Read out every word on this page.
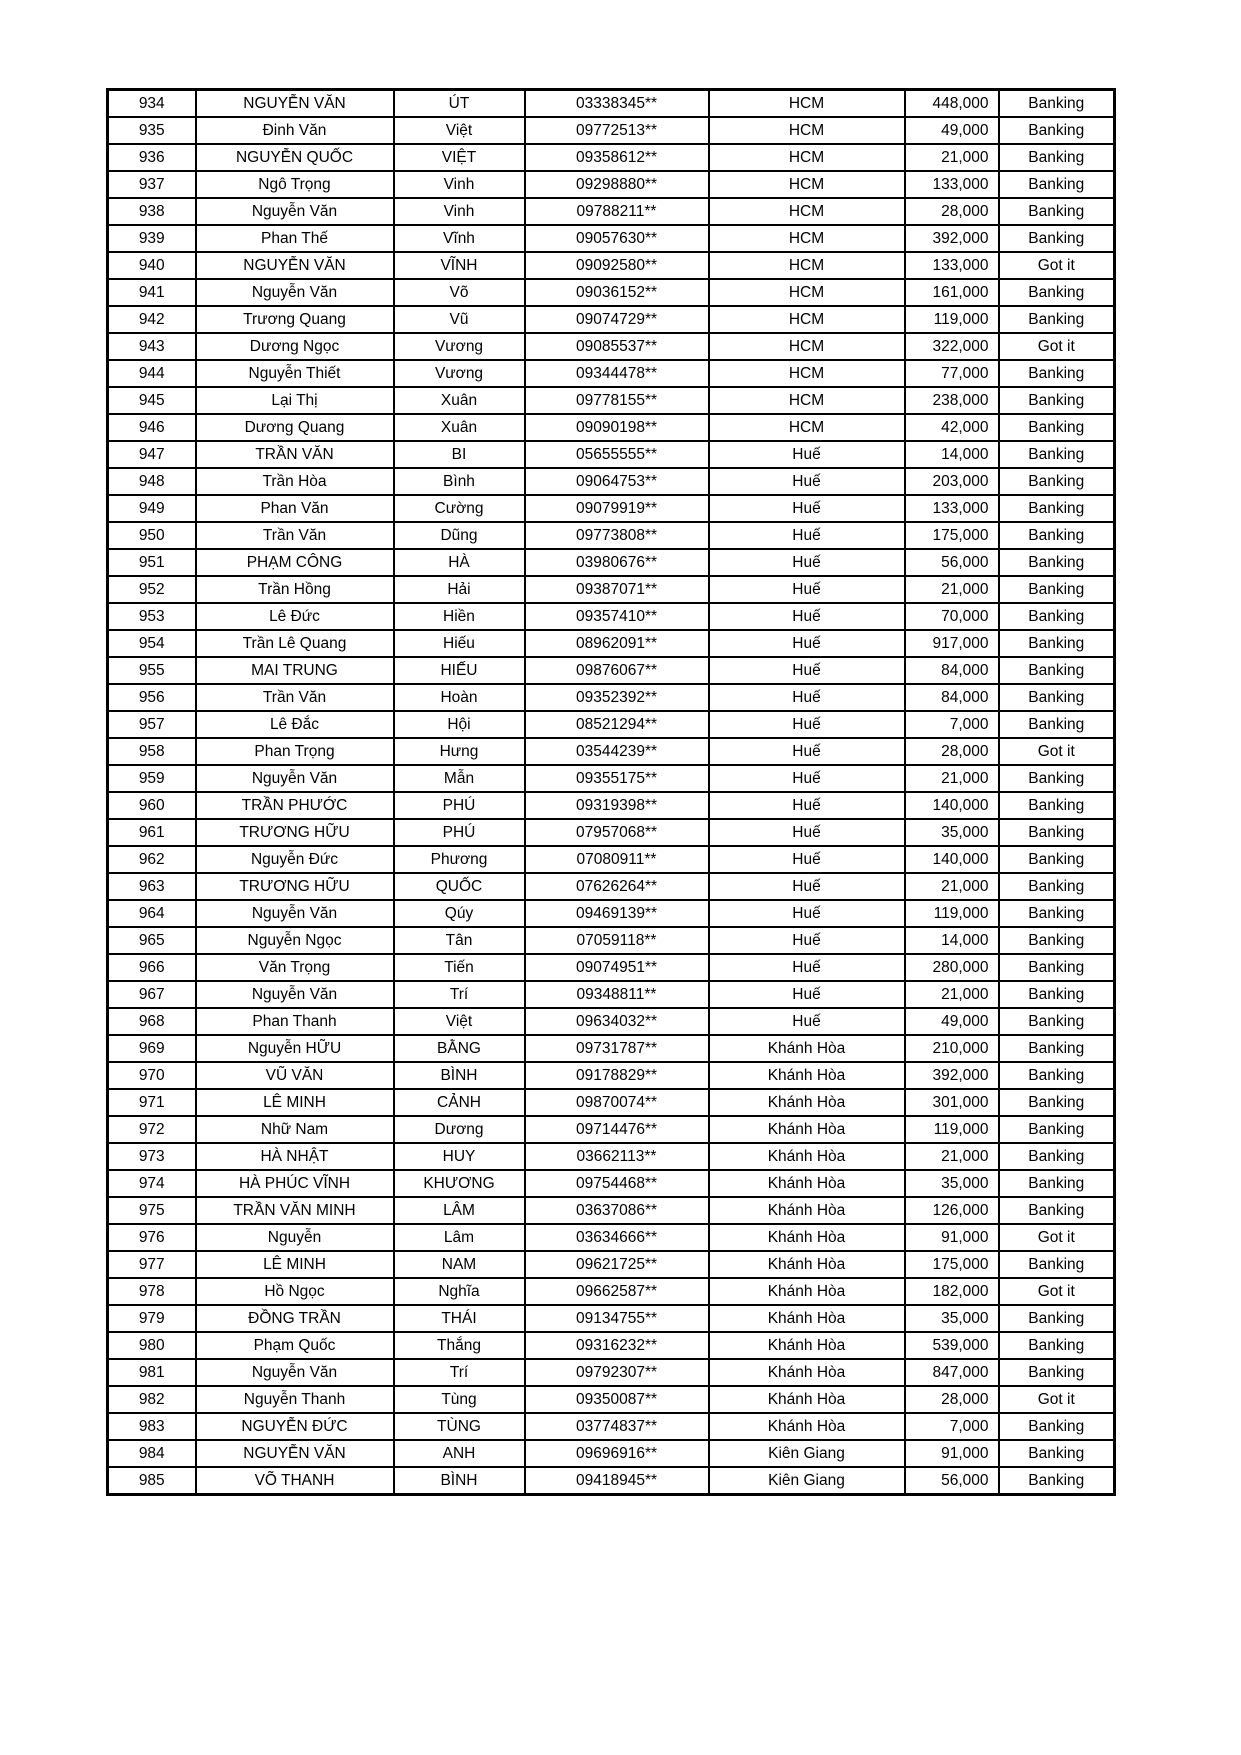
934	NGUYỄN VĂN	ÚT	03338345**	HCM	448,000	Banking
935	Đinh Văn	Việt	09772513**	HCM	49,000	Banking
936	NGUYỄN QUỐC	VIỆT	09358612**	HCM	21,000	Banking
937	Ngô Trọng	Vinh	09298880**	HCM	133,000	Banking
938	Nguyễn Văn	Vinh	09788211**	HCM	28,000	Banking
939	Phan Thế	Vĩnh	09057630**	HCM	392,000	Banking
940	NGUYỄN VĂN	VĨNH	09092580**	HCM	133,000	Got it
941	Nguyễn Văn	Võ	09036152**	HCM	161,000	Banking
942	Trương Quang	Vũ	09074729**	HCM	119,000	Banking
943	Dương Ngọc	Vương	09085537**	HCM	322,000	Got it
944	Nguyễn Thiết	Vương	09344478**	HCM	77,000	Banking
945	Lại Thị	Xuân	09778155**	HCM	238,000	Banking
946	Dương Quang	Xuân	09090198**	HCM	42,000	Banking
947	TRẦN VĂN	BI	05655555**	Huế	14,000	Banking
948	Trần Hòa	Bình	09064753**	Huế	203,000	Banking
949	Phan Văn	Cường	09079919**	Huế	133,000	Banking
950	Trần Văn	Dũng	09773808**	Huế	175,000	Banking
951	PHẠM CÔNG	HÀ	03980676**	Huế	56,000	Banking
952	Trần Hồng	Hải	09387071**	Huế	21,000	Banking
953	Lê Đức	Hiền	09357410**	Huế	70,000	Banking
954	Trần Lê Quang	Hiếu	08962091**	Huế	917,000	Banking
955	MAI TRUNG	HIẾU	09876067**	Huế	84,000	Banking
956	Trần Văn	Hoàn	09352392**	Huế	84,000	Banking
957	Lê Đắc	Hội	08521294**	Huế	7,000	Banking
958	Phan Trọng	Hưng	03544239**	Huế	28,000	Got it
959	Nguyễn Văn	Mẫn	09355175**	Huế	21,000	Banking
960	TRẦN PHƯỚC	PHÚ	09319398**	Huế	140,000	Banking
961	TRƯƠNG HỮU	PHÚ	07957068**	Huế	35,000	Banking
962	Nguyễn Đức	Phương	07080911**	Huế	140,000	Banking
963	TRƯƠNG HỮU	QUỐC	07626264**	Huế	21,000	Banking
964	Nguyễn Văn	Qúy	09469139**	Huế	119,000	Banking
965	Nguyễn Ngọc	Tân	07059118**	Huế	14,000	Banking
966	Văn Trọng	Tiến	09074951**	Huế	280,000	Banking
967	Nguyễn Văn	Trí	09348811**	Huế	21,000	Banking
968	Phan Thanh	Việt	09634032**	Huế	49,000	Banking
969	Nguyễn HỮU	BẰNG	09731787**	Khánh Hòa	210,000	Banking
970	VŨ VĂN	BÌNH	09178829**	Khánh Hòa	392,000	Banking
971	LÊ MINH	CẢNH	09870074**	Khánh Hòa	301,000	Banking
972	Nhữ Nam	Dương	09714476**	Khánh Hòa	119,000	Banking
973	HÀ NHẬT	HUY	03662113**	Khánh Hòa	21,000	Banking
974	HÀ PHÚC VĨNH	KHƯƠNG	09754468**	Khánh Hòa	35,000	Banking
975	TRẦN VĂN MINH	LÂM	03637086**	Khánh Hòa	126,000	Banking
976	Nguyễn	Lâm	03634666**	Khánh Hòa	91,000	Got it
977	LÊ MINH	NAM	09621725**	Khánh Hòa	175,000	Banking
978	Hồ Ngọc	Nghĩa	09662587**	Khánh Hòa	182,000	Got it
979	ĐỒNG TRẦN	THÁI	09134755**	Khánh Hòa	35,000	Banking
980	Phạm Quốc	Thắng	09316232**	Khánh Hòa	539,000	Banking
981	Nguyễn Văn	Trí	09792307**	Khánh Hòa	847,000	Banking
982	Nguyễn Thanh	Tùng	09350087**	Khánh Hòa	28,000	Got it
983	NGUYỄN ĐỨC	TÙNG	03774837**	Khánh Hòa	7,000	Banking
984	NGUYỄN VĂN	ANH	09696916**	Kiên Giang	91,000	Banking
985	VÕ THANH	BÌNH	09418945**	Kiên Giang	56,000	Banking
